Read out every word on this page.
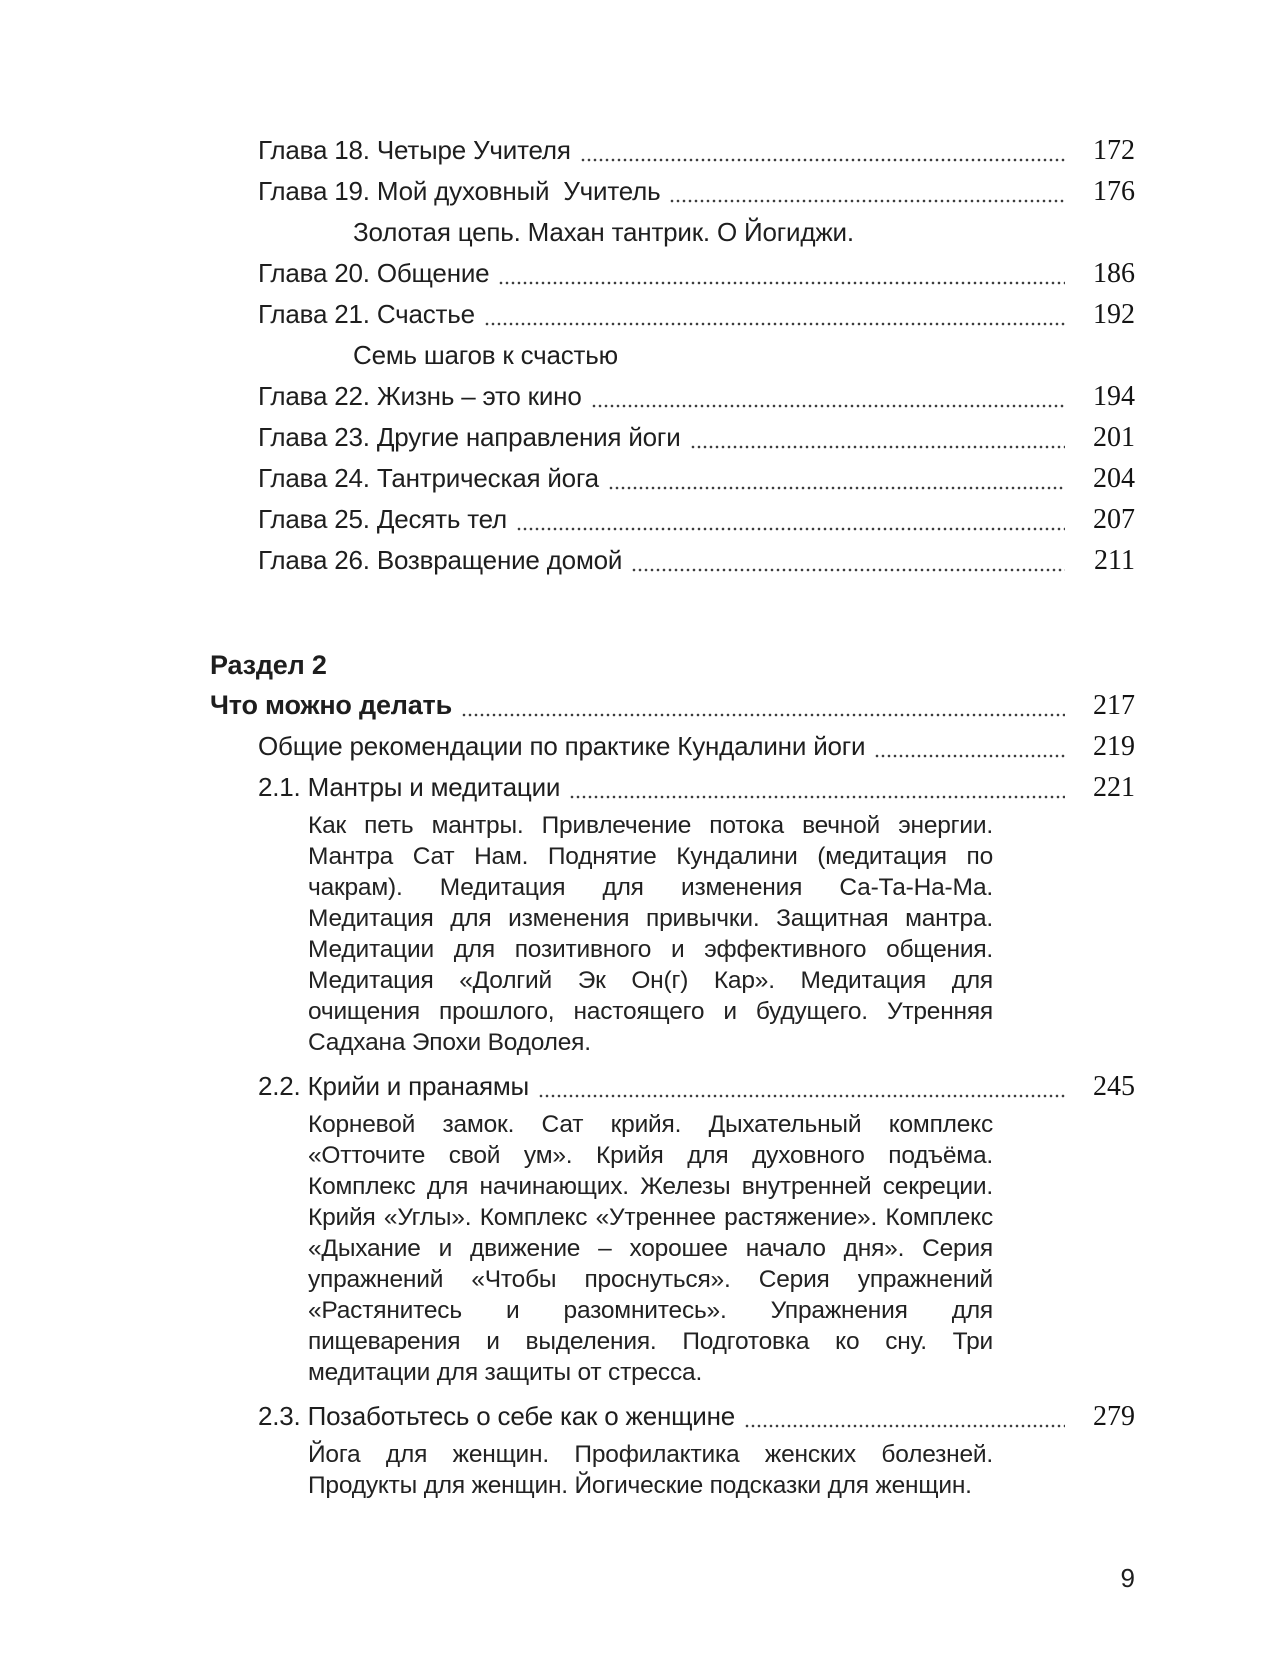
Глава 18. Четыре Учителя	172
Глава 19. Мой духовный  Учитель	176
Золотая цепь. Махан тантрик. О Йогиджи.
Глава 20. Общение	186
Глава 21. Счастье	192
Семь шагов к счастью
Глава 22. Жизнь – это кино	194
Глава 23. Другие направления йоги	201
Глава 24. Тантрическая йога	204
Глава 25. Десять тел	207
Глава 26. Возвращение домой	211
Раздел 2
Что можно делать	217
Общие рекомендации по практике Кундалини йоги	219
2.1. Мантры и медитации	221

Как петь мантры. Привлечение потока вечной энергии. Мантра Сат Нам. Поднятие Кундалини (медитация по чакрам). Медитация для изменения Са-Та-На-Ма. Медитация для изменения привычки. Защитная мантра. Медитации для позитивного и эффективного общения. Медитация «Долгий Эк Он(г) Кар». Медитация для очищения прошлого, настоящего и будущего. Утренняя Садхана Эпохи Водолея.

2.2. Крийи и пранаямы	245

Корневой замок. Сат крийя. Дыхательный комплекс «Отточите свой ум». Крийя для духовного подъёма. Комплекс для начинающих. Железы внутренней секреции. Крийя «Углы». Комплекс «Утреннее растяжение». Комплекс «Дыхание и движение – хорошее начало дня». Серия упражнений «Чтобы проснуться». Серия упражнений «Растянитесь и разомнитесь». Упражнения для пищеварения и выделения. Подготовка ко сну. Три медитации для защиты от стресса.

2.3. Позаботьтесь о себе как о женщине	279

Йога для женщин. Профилактика женских болезней. Продукты для женщин. Йогические подсказки для женщин.

9
